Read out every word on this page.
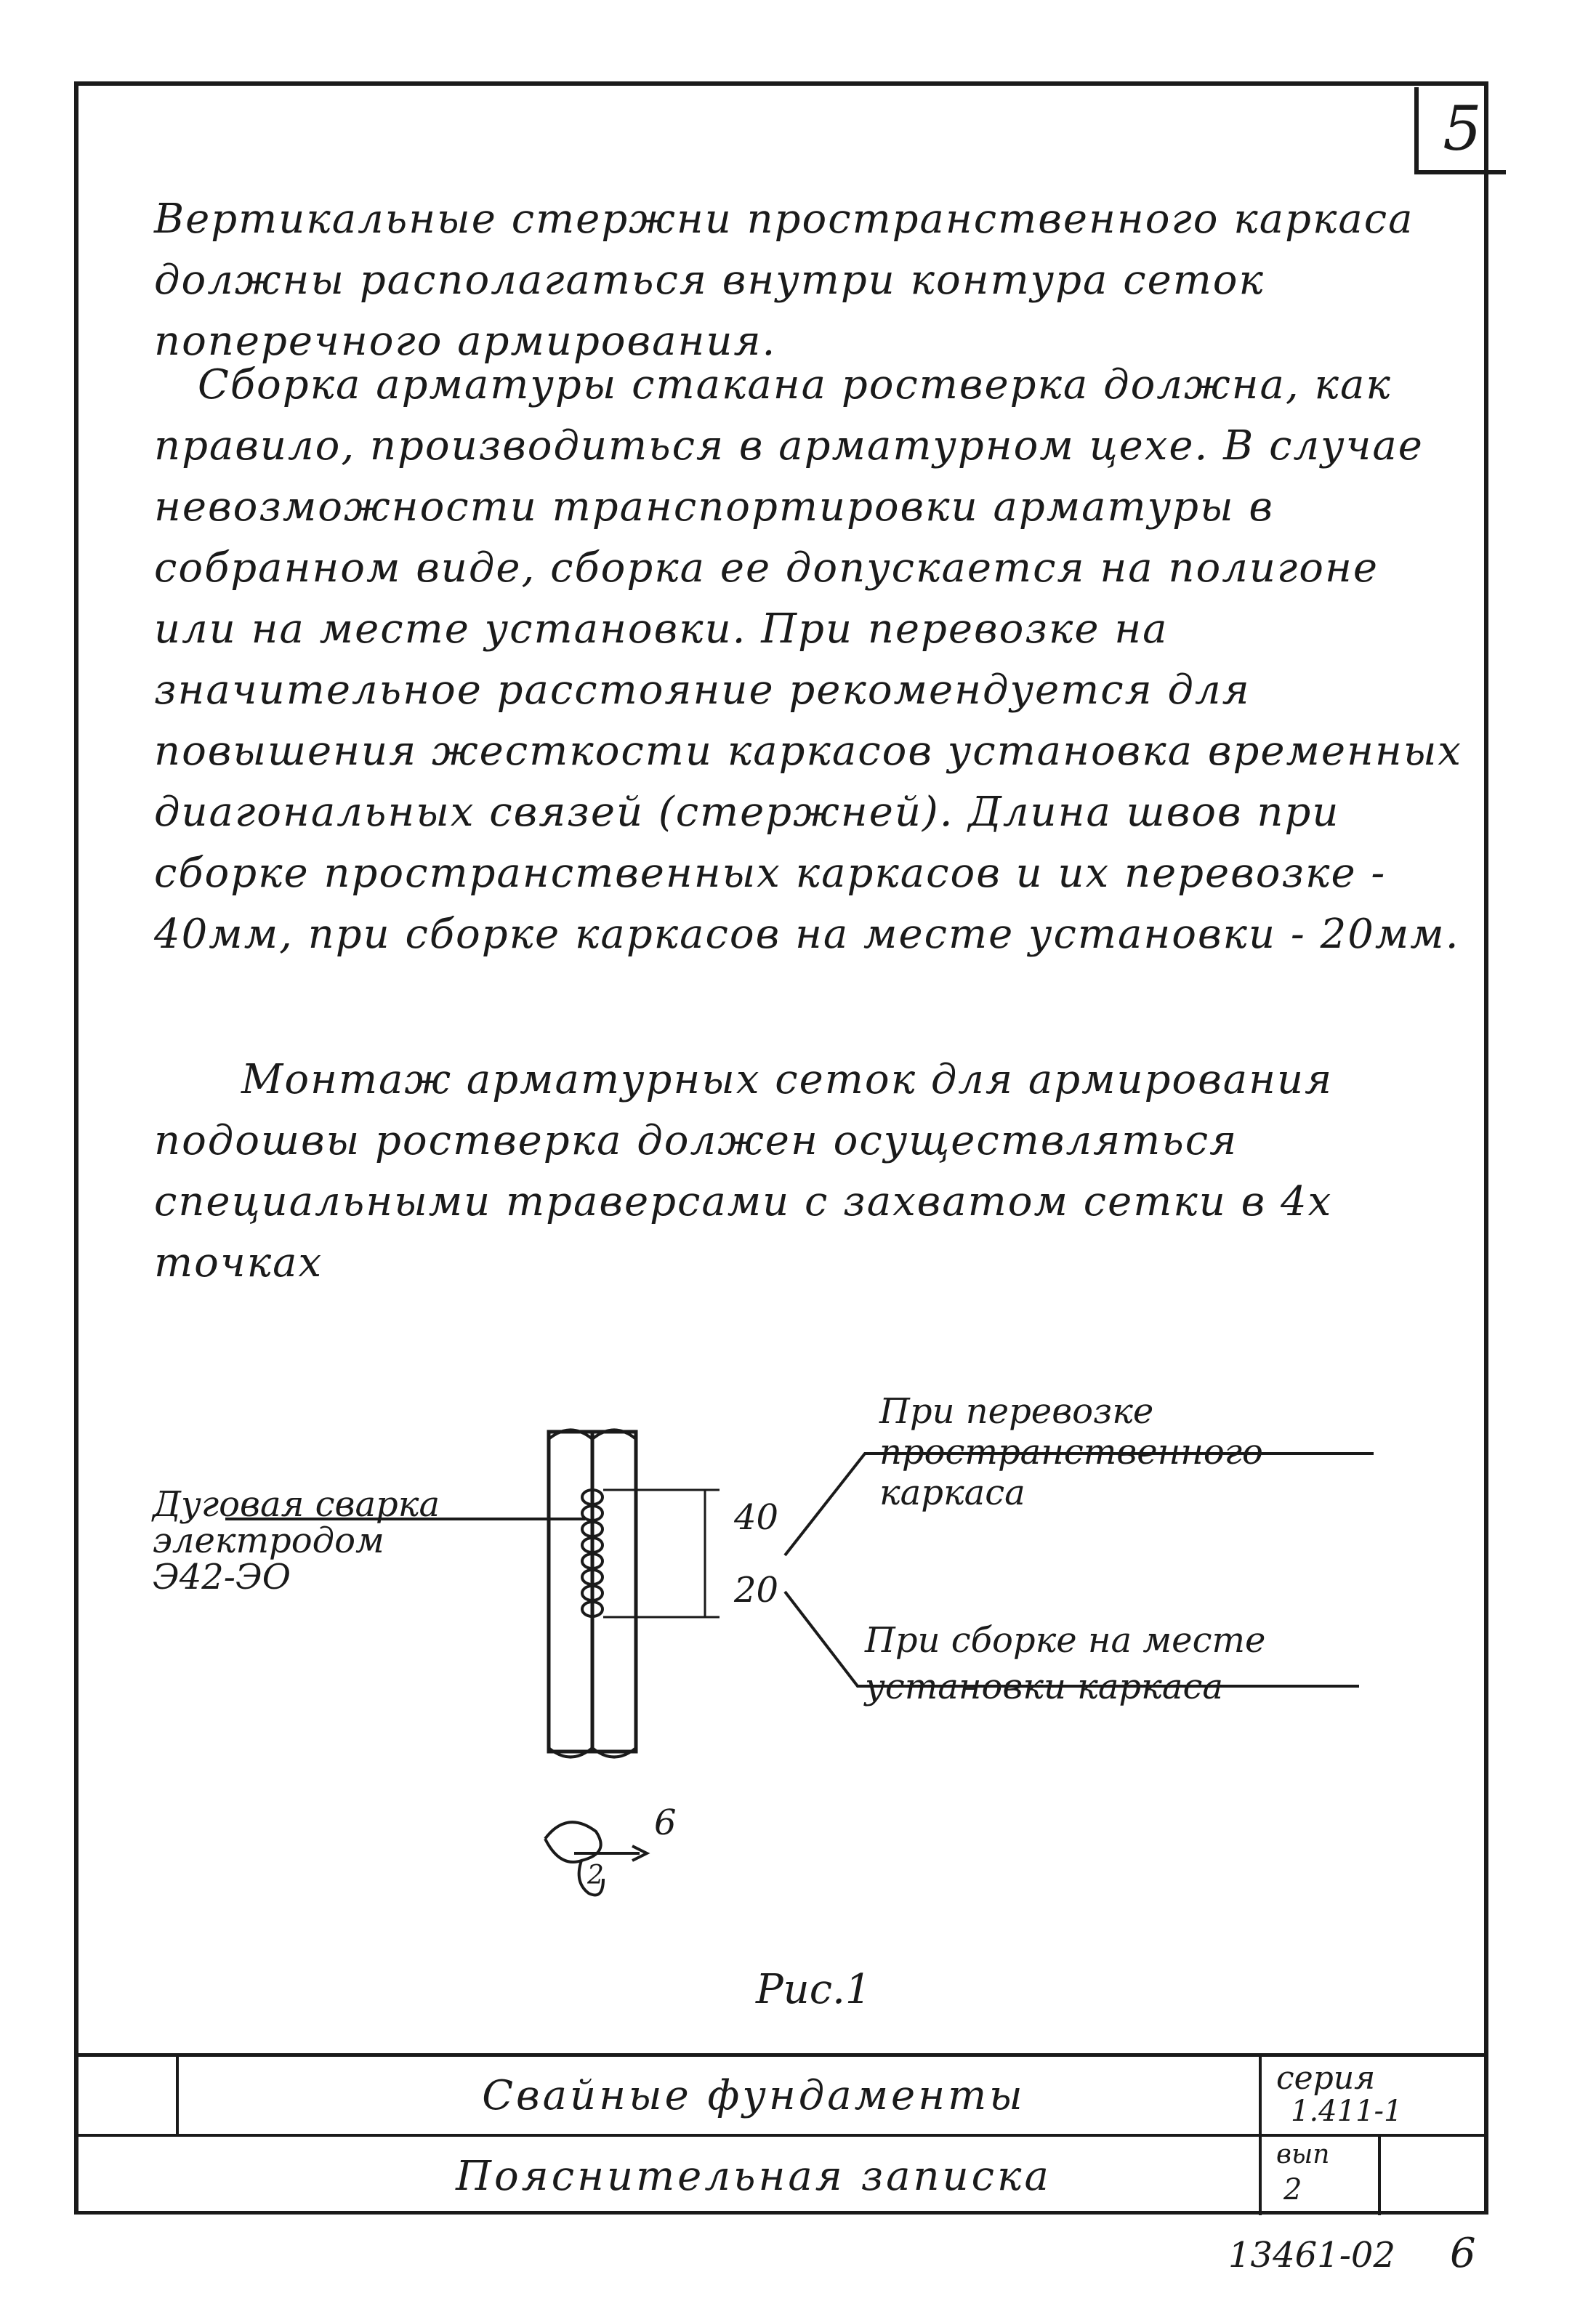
5

Вертикальные стержни пространственного каркаса должны располагаться внутри контура сеток поперечного армирования.

Сборка арматуры стакана ростверка должна, как правило, производиться в арматурном цехе. В случае невозможности транспортировки арматуры в собранном виде, сборка ее допускается на полигоне или на месте установки. При перевозке на значительное расстояние рекомендуется для повышения жесткости каркасов установка временных диагональных связей (стержней). Длина швов при сборке пространственных каркасов и их перевозке - 40мм, при сборке каркасов на месте установки - 20мм.

Монтаж арматурных сеток для армирования подошвы ростверка должен осуществляться специальными траверсами с захватом сетки в 4х точках

Дуговая сварка электродом Э42-ЭО
40
20
При перевозке пространственного каркаса
При сборке на месте установки каркаса
6
2
Рис.1
Свайные фундаменты	серия
1.411-1
Пояснительная записка	вып
2
13461-02 6
